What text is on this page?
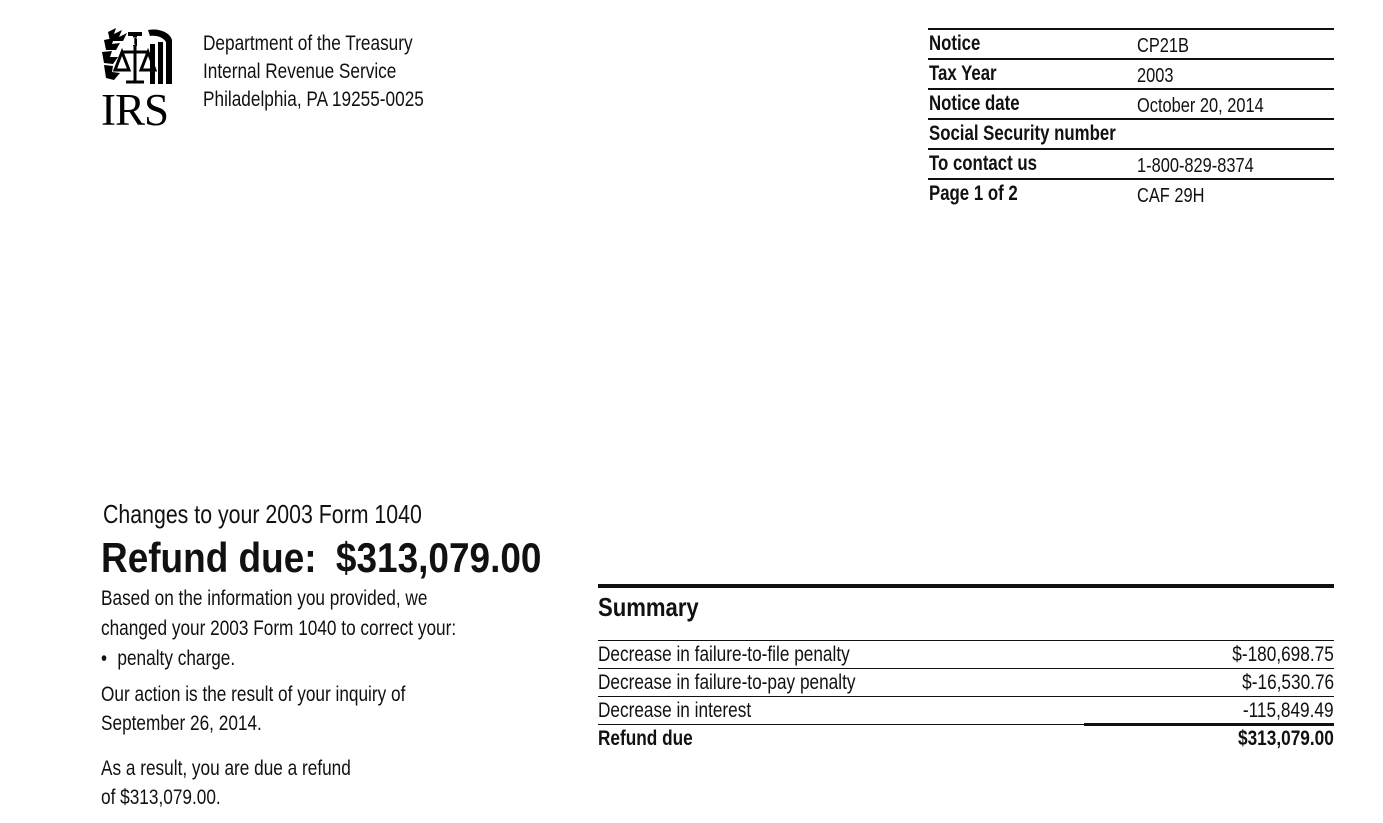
IV
IRS
Department of the Treasury
Internal Revenue Service
Philadelphia, PA 19255-0025
Notice	CP21B
Tax Year	2003
Notice date	October 20, 2014
Social Security number
To contact us	1-800-829-8374
Page 1 of 2	CAF 29H
Changes to your 2003 Form 1040
Refund due: $313,079.00
Based on the information you provided, we
changed your 2003 Form 1040 to correct your:
• penalty charge.
Our action is the result of your inquiry of
September 26, 2014.
As a result, you are due a refund
of $313,079.00.
Summary
Decrease in failure-to-file penalty	$-180,698.75
Decrease in failure-to-pay penalty	$-16,530.76
Decrease in interest	-115,849.49
Refund due	$313,079.00
